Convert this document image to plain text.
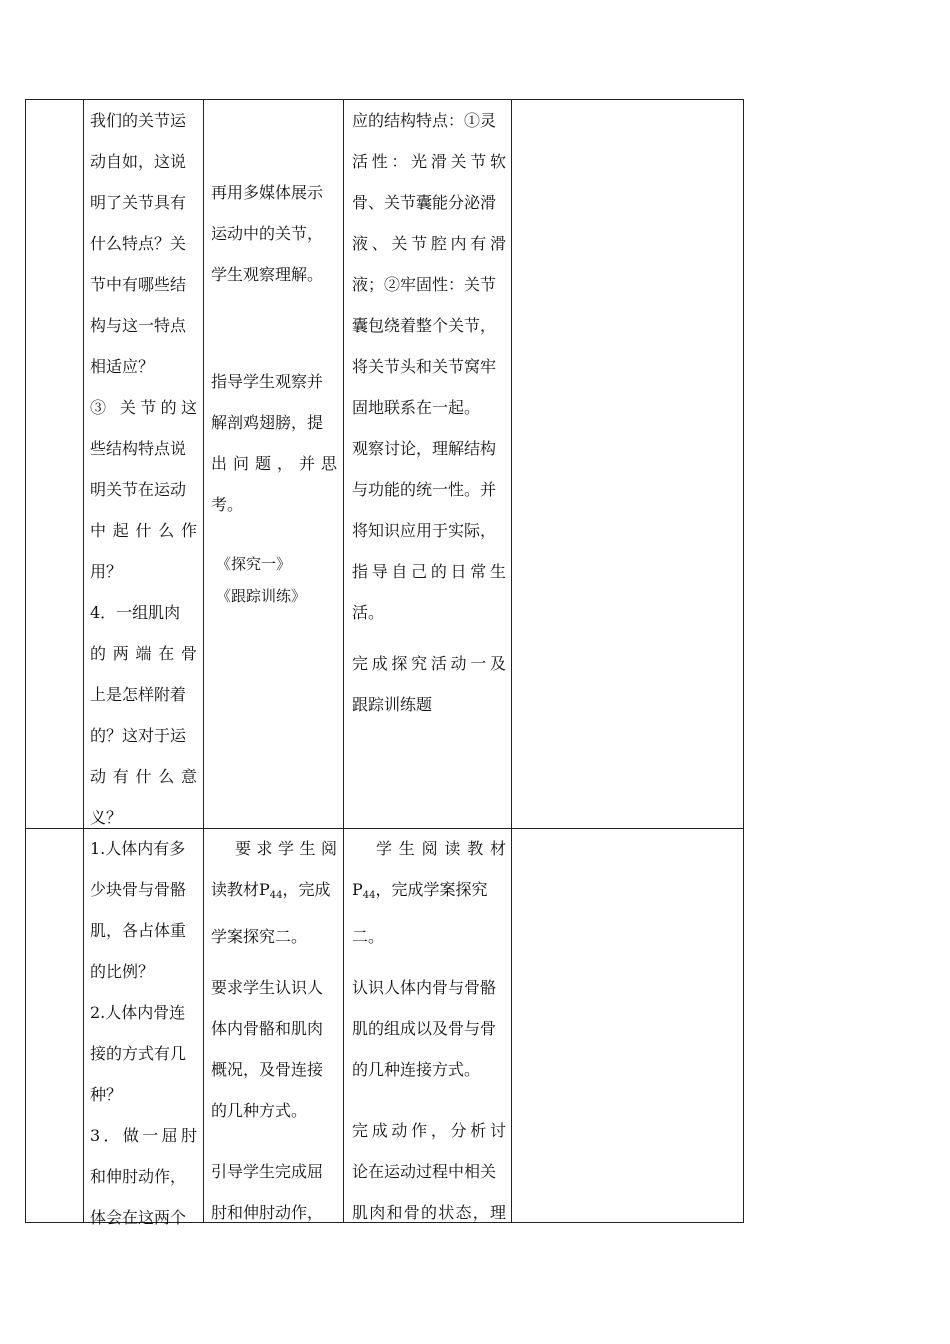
我们的关节运

动自如，这说

明了关节具有

什么特点？关

节中有哪些结

构与这一特点

相适应？

③ 关节的这

些结构特点说

明关节在运动

中起什么作

用？

4．一组肌肉

的两端在骨

上是怎样附着

的？这对于运

动有什么意

义？

再用多媒体展示

运动中的关节，

学生观察理解。

指导学生观察并

解剖鸡翅膀，提

出问题，并思

考。

《探究一》

《跟踪训练》

应的结构特点：①灵

活性：光滑关节软

骨、关节囊能分泌滑

液、关节腔内有滑

液；②牢固性：关节

囊包绕着整个关节，

将关节头和关节窝牢

固地联系在一起。

观察讨论，理解结构

与功能的统一性。并

将知识应用于实际，

指导自己的日常生

活。

完成探究活动一及

跟踪训练题

1.人体内有多

少块骨与骨骼

肌，各占体重

的比例？

2.人体内骨连

接的方式有几

种？

3．做一屈肘

和伸肘动作，

体会在这两个

要求学生阅

读教材$P_{44}$，完成

学案探究二。

要求学生认识人

体内骨骼和肌肉

概况，及骨连接

的几种方式。

引导学生完成屈

肘和伸肘动作，

学生阅读教材

$P_{44}$，完成学案探究

二。

认识人体内骨与骨骼

肌的组成以及骨与骨

的几种连接方式。

完成动作，分析讨

论在运动过程中相关

肌肉和骨的状态，理
